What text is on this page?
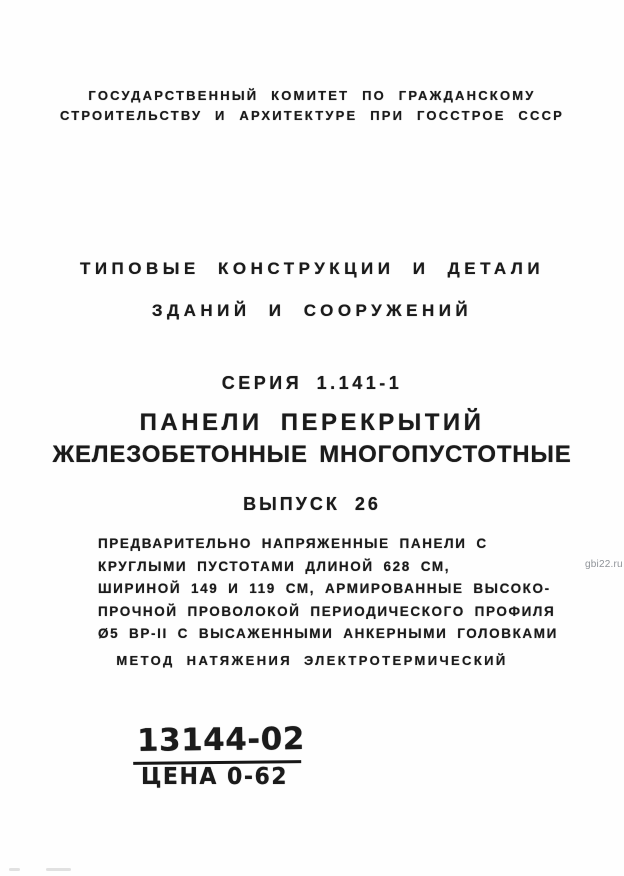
ГОСУДАРСТВЕННЫЙ КОМИТЕТ ПО ГРАЖДАНСКОМУ
СТРОИТЕЛЬСТВУ И АРХИТЕКТУРЕ ПРИ ГОССТРОЕ СССР
ТИПОВЫЕ КОНСТРУКЦИИ И ДЕТАЛИ
ЗДАНИЙ И СООРУЖЕНИЙ
СЕРИЯ 1.141-1
ПАНЕЛИ ПЕРЕКРЫТИЙ
ЖЕЛЕЗОБЕТОННЫЕ МНОГОПУСТОТНЫЕ
ВЫПУСК 26
ПРЕДВАРИТЕЛЬНО НАПРЯЖЕННЫЕ ПАНЕЛИ С
КРУГЛЫМИ ПУСТОТАМИ ДЛИНОЙ 628 СМ,
ШИРИНОЙ 149 И 119 СМ, АРМИРОВАННЫЕ ВЫСОКО-
ПРОЧНОЙ ПРОВОЛОКОЙ ПЕРИОДИЧЕСКОГО ПРОФИЛЯ
Ø5 ВР-II С ВЫСАЖЕННЫМИ АНКЕРНЫМИ ГОЛОВКАМИ
МЕТОД НАТЯЖЕНИЯ ЭЛЕКТРОТЕРМИЧЕСКИЙ
13144-02
ЦЕНА 0-62
gbi22.ru
